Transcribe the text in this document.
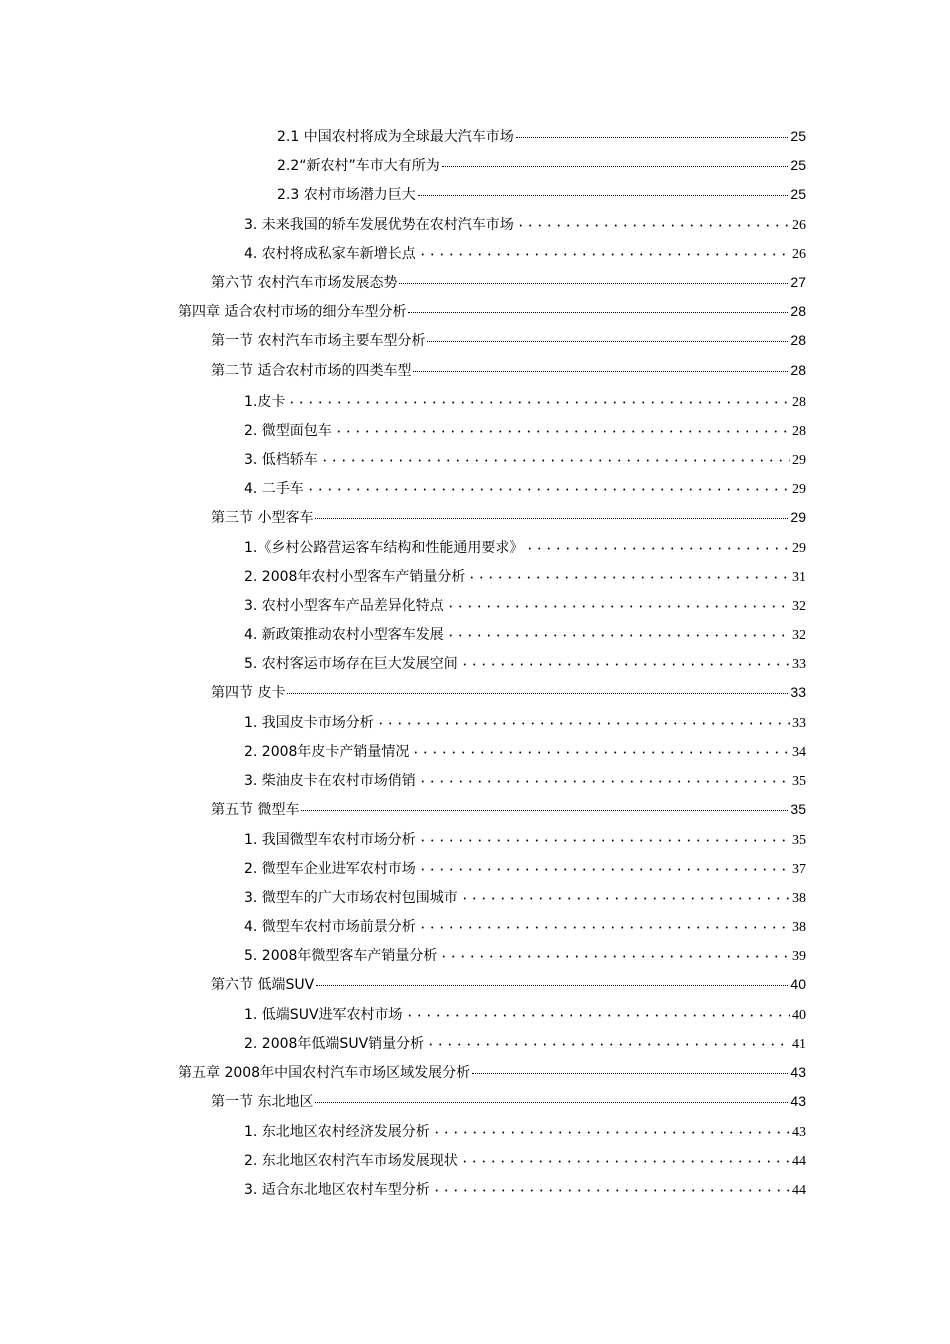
2.1 中国农村将成为全球最大汽车市场	25
2.2“新农村”车市大有所为	25
2.3 农村市场潜力巨大	25
3. 未来我国的轿车发展优势在农村汽车市场	26
4. 农村将成私家车新增长点	26
第六节 农村汽车市场发展态势	27
第四章 适合农村市场的细分车型分析	28
第一节 农村汽车市场主要车型分析	28
第二节 适合农村市场的四类车型	28
1.皮卡	28
2. 微型面包车	28
3. 低档轿车	29
4. 二手车	29
第三节 小型客车	29
1.《乡村公路营运客车结构和性能通用要求》	29
2. 2008年农村小型客车产销量分析	31
3. 农村小型客车产品差异化特点	32
4. 新政策推动农村小型客车发展	32
5. 农村客运市场存在巨大发展空间	33
第四节 皮卡	33
1. 我国皮卡市场分析	33
2. 2008年皮卡产销量情况	34
3. 柴油皮卡在农村市场俏销	35
第五节 微型车	35
1. 我国微型车农村市场分析	35
2. 微型车企业进军农村市场	37
3. 微型车的广大市场农村包围城市	38
4. 微型车农村市场前景分析	38
5. 2008年微型客车产销量分析	39
第六节 低端SUV	40
1. 低端SUV进军农村市场	40
2. 2008年低端SUV销量分析	41
第五章 2008年中国农村汽车市场区域发展分析	43
第一节 东北地区	43
1. 东北地区农村经济发展分析	43
2. 东北地区农村汽车市场发展现状	44
3. 适合东北地区农村车型分析	44
